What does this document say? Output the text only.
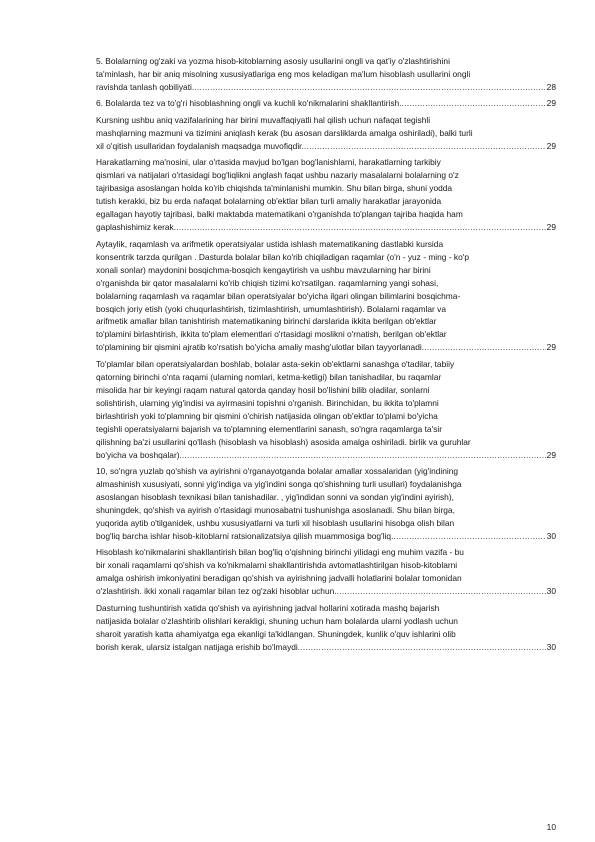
5. Bolalarning og'zaki va yozma hisob-kitoblarning asosiy usullarini ongli va qat'iy o'zlashtirishini
ta'minlash, har bir aniq misolning xususiyatlariga eng mos keladigan ma'lum hisoblash usullarini ongli
ravishda tanlash qobiliyati. .....	28
6. Bolalarda tez va to'g'ri hisoblashning ongli va kuchli ko'nikmalarini shakllantirish. .....	29
Kursning ushbu aniq vazifalarining har birini muvaffaqiyatli hal qilish uchun nafaqat tegishli
mashqlarning mazmuni va tizimini aniqlash kerak (bu asosan darsliklarda amalga oshiriladi), balki turli
xil o'qitish usullaridan foydalanish maqsadga muvofiqdir. .....	29
Harakatlarning ma'nosini, ular o'rtasida mavjud bo'lgan bog'lanishlarni, harakatlarning tarkibiy
qismlari va natijalari o'rtasidagi bog'liqlikni anglash faqat ushbu nazariy masalalarni bolalarning o'z
tajribasiga asoslangan holda ko'rib chiqishda ta'minlanishi mumkin. Shu bilan birga, shuni yodda
tutish kerakki, biz bu erda nafaqat bolalarning ob'ektlar bilan turli amaliy harakatlar jarayonida
egallagan hayotiy tajribasi, balki maktabda matematikani o'rganishda to'plangan tajriba haqida ham
gaplashishimiz kerak. .....	29
Aytaylik, raqamlash va arifmetik operatsiyalar ustida ishlash matematikaning dastlabki kursida
konsentrik tarzda qurilgan . Dasturda bolalar bilan ko'rib chiqiladigan raqamlar (o'n - yuz - ming - ko'p
xonali sonlar) maydonini bosqichma-bosqich kengaytirish va ushbu mavzularning har birini
o'rganishda bir qator masalalarni ko'rib chiqish tizimi ko'rsatilgan. raqamlarning yangi sohasi,
bolalarning raqamlash va raqamlar bilan operatsiyalar bo'yicha ilgari olingan bilimlarini bosqichma-
bosqich joriy etish (yoki chuqurlashtirish, tizimlashtirish, umumlashtirish). Bolalarni raqamlar va
arifmetik amallar bilan tanishtirish matematikaning birinchi darslarida ikkita berilgan ob'ektlar
to'plamini birlashtirish, ikkita to'plam elementlari o'rtasidagi moslikni o'rnatish, berilgan ob'ektlar
to'plamining bir qismini ajratib ko'rsatish bo'yicha amaliy mashg'ulotlar bilan tayyorlanadi. .....	29
To'plamlar bilan operatsiyalardan boshlab, bolalar asta-sekin ob'ektlarni sanashga o'tadilar, tabiiy
qatorning birinchi o'nta raqami (ularning nomlari, ketma-ketligi) bilan tanishadilar, bu raqamlar
misolida har bir keyingi raqam natural qatorda qanday hosil bo'lishini bilib oladilar, sonlarni
solishtirish, ularning yig'indisi va ayirmasini topishni o'rganish. Birinchidan, bu ikkita to'plamni
birlashtirish yoki to'plamning bir qismini o'chirish natijasida olingan ob'ektlar to'plami bo'yicha
tegishli operatsiyalarni bajarish va to'plamning elementlarini sanash, so'ngra raqamlarga ta'sir
qilishning ba'zi usullarini qo'llash (hisoblash va hisoblash) asosida amalga oshiriladi. birlik va guruhlar
bo'yicha va boshqalar). .....	29
10, so'ngra yuzlab qo'shish va ayirishni o'rganayotganda bolalar amallar xossalaridan (yig'indining
almashinish xususiyati, sonni yig'indiga va yig'indini songa qo'shishning turli usullari) foydalanishga
asoslangan hisoblash texnikasi bilan tanishadilar. , yig'indidan sonni va sondan yig'indini ayirish),
shuningdek, qo'shish va ayirish o'rtasidagi munosabatni tushunishga asoslanadi. Shu bilan birga,
yuqorida aytib o'tilganidek, ushbu xususiyatlarni va turli xil hisoblash usullarini hisobga olish bilan
bog'liq barcha ishlar hisob-kitoblarni ratsionalizatsiya qilish muammosiga bog'liq. .....	30
Hisoblash ko'nikmalarini shakllantirish bilan bog'liq o'qishning birinchi yilidagi eng muhim vazifa - bu
bir xonali raqamlarni qo'shish va ko'nikmalarni shakllantirishda avtomatlashtirilgan hisob-kitoblarni
amalga oshirish imkoniyatini beradigan qo'shish va ayirishning jadvalli holatlarini bolalar tomonidan
o'zlashtirish. ikki xonali raqamlar bilan tez og'zaki hisoblar uchun. .....	30
Dasturning tushuntirish xatida qo'shish va ayirishning jadval hollarini xotirada mashq bajarish
natijasida bolalar o'zlashtirib olishlari kerakligi, shuning uchun ham bolalarda ularni yodlash uchun
sharoit yaratish katta ahamiyatga ega ekanligi ta'kidlangan. Shuningdek, kunlik o'quv ishlarini olib
borish kerak, ularsiz istalgan natijaga erishib bo'lmaydi. .....	30
10
